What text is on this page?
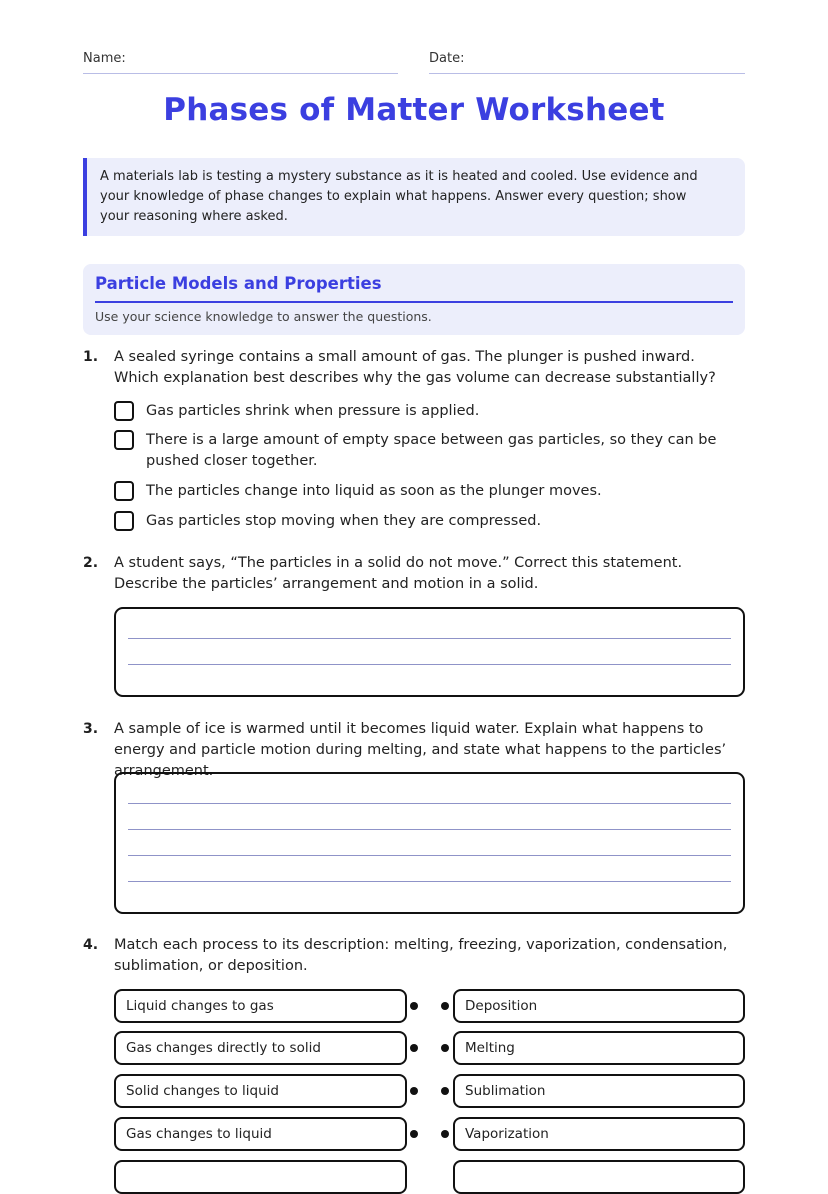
Name:	Date:
Phases of Matter Worksheet
A materials lab is testing a mystery substance as it is heated and cooled. Use evidence and your knowledge of phase changes to explain what happens. Answer every question; show your reasoning where asked.
Particle Models and Properties
Use your science knowledge to answer the questions.
1. A sealed syringe contains a small amount of gas. The plunger is pushed inward. Which explanation best describes why the gas volume can decrease substantially?
Gas particles shrink when pressure is applied.
There is a large amount of empty space between gas particles, so they can be pushed closer together.
The particles change into liquid as soon as the plunger moves.
Gas particles stop moving when they are compressed.
2. A student says, “The particles in a solid do not move.” Correct this statement. Describe the particles’ arrangement and motion in a solid.
3. A sample of ice is warmed until it becomes liquid water. Explain what happens to energy and particle motion during melting, and state what happens to the particles’ arrangement.
4. Match each process to its description: melting, freezing, vaporization, condensation, sublimation, or deposition.
Liquid changes to gas	Deposition
Gas changes directly to solid	Melting
Solid changes to liquid	Sublimation
Gas changes to liquid	Vaporization
